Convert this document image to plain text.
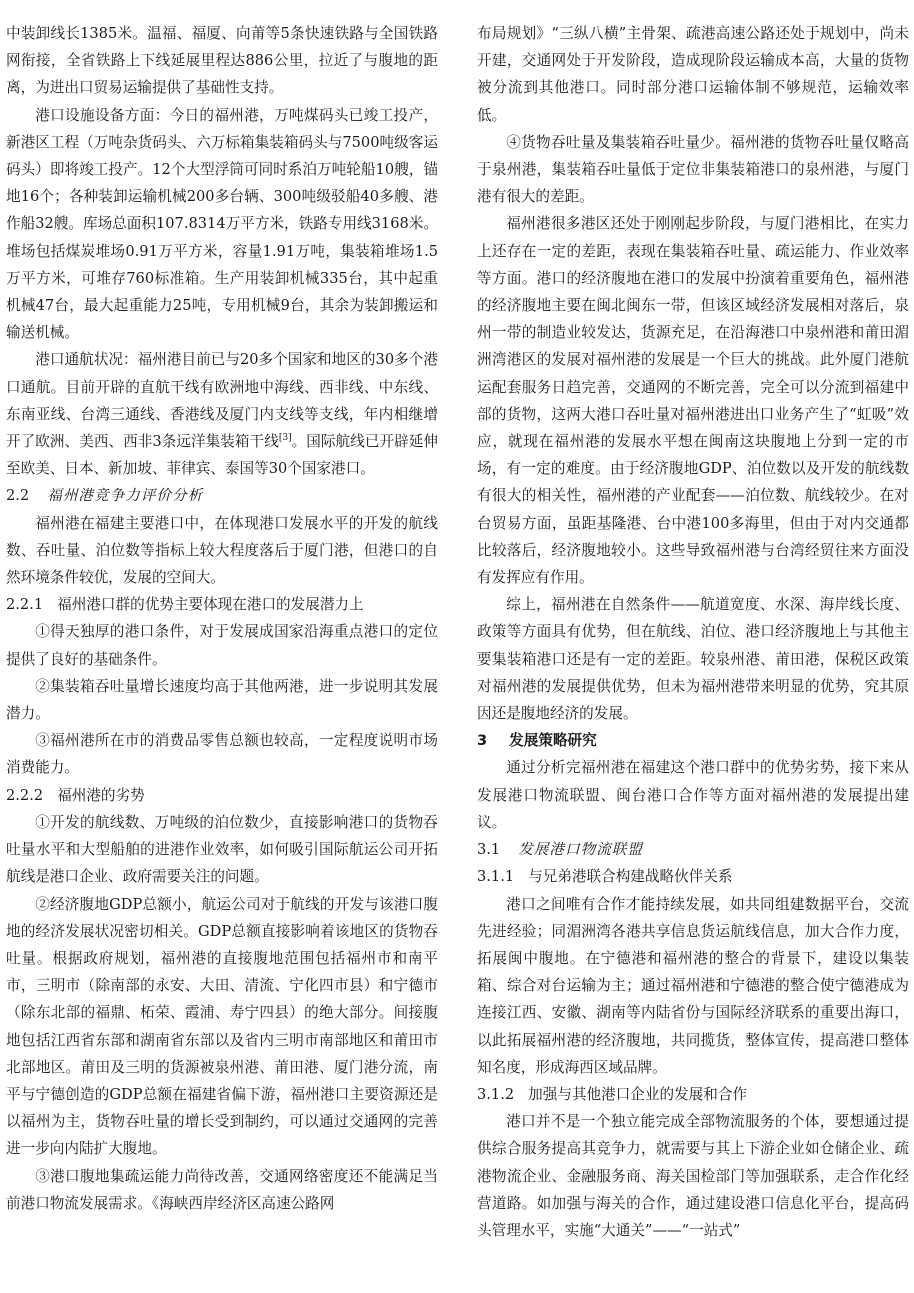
中装卸线长1385米。温福、福厦、向莆等5条快速铁路与全国铁路网衔接，全省铁路上下线延展里程达886公里，拉近了与腹地的距离，为进出口贸易运输提供了基础性支持。

港口设施设备方面：今日的福州港，万吨煤码头已竣工投产，新港区工程（万吨杂货码头、六万标箱集装箱码头与7500吨级客运码头）即将竣工投产。12个大型浮筒可同时系泊万吨轮船10艘，锚地16个；各种装卸运输机械200多台辆、300吨级驳船40多艘、港作船32艘。库场总面积107.8314万平方米，铁路专用线3168米。堆场包括煤炭堆场0.91万平方米，容量1.91万吨，集装箱堆场1.5万平方米，可堆存760标准箱。生产用装卸机械335台，其中起重机械47台，最大起重能力25吨，专用机械9台，其余为装卸搬运和输送机械。

港口通航状况：福州港目前已与20多个国家和地区的30多个港口通航。目前开辟的直航干线有欧洲地中海线、西非线、中东线、东南亚线、台湾三通线、香港线及厦门内支线等支线，年内相继增开了欧洲、美西、西非3条远洋集装箱干线[3]。国际航线已开辟延伸至欧美、日本、新加坡、菲律宾、泰国等30个国家港口。

2.2 福州港竞争力评价分析

福州港在福建主要港口中，在体现港口发展水平的开发的航线数、吞吐量、泊位数等指标上较大程度落后于厦门港，但港口的自然环境条件较优，发展的空间大。

2.2.1 福州港口群的优势主要体现在港口的发展潜力上

①得天独厚的港口条件，对于发展成国家沿海重点港口的定位提供了良好的基础条件。

②集装箱吞吐量增长速度均高于其他两港，进一步说明其发展潜力。

③福州港所在市的消费品零售总额也较高，一定程度说明市场消费能力。

2.2.2 福州港的劣势

①开发的航线数、万吨级的泊位数少，直接影响港口的货物吞吐量水平和大型船舶的进港作业效率，如何吸引国际航运公司开拓航线是港口企业、政府需要关注的问题。

②经济腹地GDP总额小，航运公司对于航线的开发与该港口腹地的经济发展状况密切相关。GDP总额直接影响着该地区的货物吞吐量。根据政府规划，福州港的直接腹地范围包括福州市和南平市，三明市（除南部的永安、大田、清流、宁化四市县）和宁德市（除东北部的福鼎、柘荣、霞浦、寿宁四县）的绝大部分。间接腹地包括江西省东部和湖南省东部以及省内三明市南部地区和莆田市北部地区。莆田及三明的货源被泉州港、莆田港、厦门港分流，南平与宁德创造的GDP总额在福建省偏下游，福州港口主要资源还是以福州为主，货物吞吐量的增长受到制约，可以通过交通网的完善进一步向内陆扩大腹地。

③港口腹地集疏运能力尚待改善，交通网络密度还不能满足当前港口物流发展需求。《海峡西岸经济区高速公路网

布局规划》“三纵八横”主骨架、疏港高速公路还处于规划中，尚未开建，交通网处于开发阶段，造成现阶段运输成本高，大量的货物被分流到其他港口。同时部分港口运输体制不够规范，运输效率低。

④货物吞吐量及集装箱吞吐量少。福州港的货物吞吐量仅略高于泉州港，集装箱吞吐量低于定位非集装箱港口的泉州港，与厦门港有很大的差距。

福州港很多港区还处于刚刚起步阶段，与厦门港相比，在实力上还存在一定的差距，表现在集装箱吞吐量、疏运能力、作业效率等方面。港口的经济腹地在港口的发展中扮演着重要角色，福州港的经济腹地主要在闽北闽东一带，但该区域经济发展相对落后，泉州一带的制造业较发达，货源充足，在沿海港口中泉州港和莆田湄洲湾港区的发展对福州港的发展是一个巨大的挑战。此外厦门港航运配套服务日趋完善，交通网的不断完善，完全可以分流到福建中部的货物，这两大港口吞吐量对福州港进出口业务产生了“虹吸”效应，就现在福州港的发展水平想在闽南这块腹地上分到一定的市场，有一定的难度。由于经济腹地GDP、泊位数以及开发的航线数有很大的相关性，福州港的产业配套——泊位数、航线较少。在对台贸易方面，虽距基隆港、台中港100多海里，但由于对内交通都比较落后，经济腹地较小。这些导致福州港与台湾经贸往来方面没有发挥应有作用。

综上，福州港在自然条件——航道宽度、水深、海岸线长度、政策等方面具有优势，但在航线、泊位、港口经济腹地上与其他主要集装箱港口还是有一定的差距。较泉州港、莆田港，保税区政策对福州港的发展提供优势，但未为福州港带来明显的优势，究其原因还是腹地经济的发展。

3 发展策略研究

通过分析完福州港在福建这个港口群中的优势劣势，接下来从发展港口物流联盟、闽台港口合作等方面对福州港的发展提出建议。

3.1 发展港口物流联盟
3.1.1 与兄弟港联合构建战略伙伴关系

港口之间唯有合作才能持续发展，如共同组建数据平台，交流先进经验；同湄洲湾各港共享信息货运航线信息，加大合作力度，拓展闽中腹地。在宁德港和福州港的整合的背景下，建设以集装箱、综合对台运输为主；通过福州港和宁德港的整合使宁德港成为连接江西、安徽、湖南等内陆省份与国际经济联系的重要出海口，以此拓展福州港的经济腹地，共同揽货，整体宣传，提高港口整体知名度，形成海西区域品牌。

3.1.2 加强与其他港口企业的发展和合作

港口并不是一个独立能完成全部物流服务的个体，要想通过提供综合服务提高其竞争力，就需要与其上下游企业如仓储企业、疏港物流企业、金融服务商、海关国检部门等加强联系，走合作化经营道路。如加强与海关的合作，通过建设港口信息化平台，提高码头管理水平，实施“大通关”——“一站式”
